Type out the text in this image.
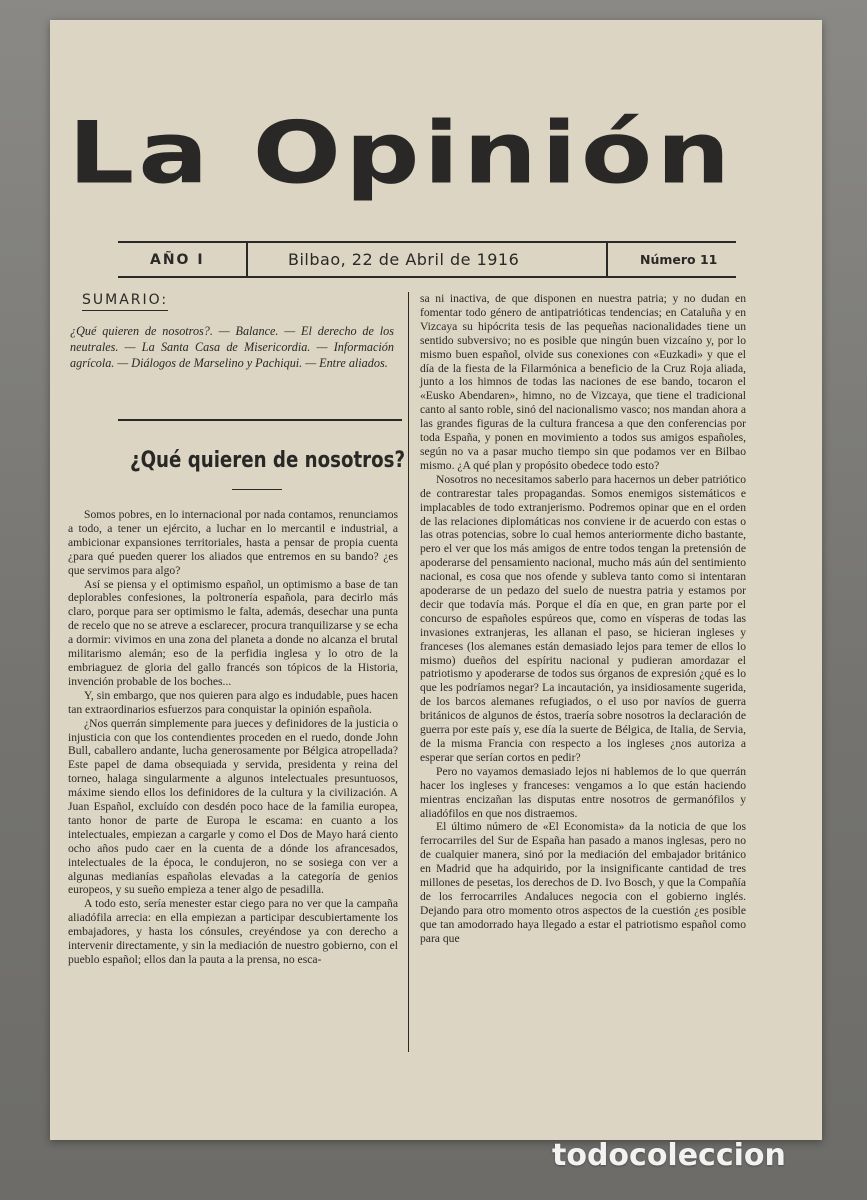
La Opinión
AÑO I	Bilbao, 22 de Abril de 1916	Número 11
SUMARIO:
¿Qué quieren de nosotros?. — Balance. — El derecho de los neutrales. — La Santa Casa de Misericordia. — Información agrícola. — Diálogos de Marselino y Pachiqui. — Entre aliados.
¿Qué quieren de nosotros?

Somos pobres, en lo internacional por nada contamos, renunciamos a todo, a tener un ejército, a luchar en lo mercantil e industrial, a ambicionar expansiones territoriales, hasta a pensar de propia cuenta ¿para qué pueden querer los aliados que entremos en su bando? ¿es que servimos para algo?

Así se piensa y el optimismo español, un optimismo a base de tan deplorables confesiones, la poltronería española, para decirlo más claro, porque para ser optimismo le falta, además, desechar una punta de recelo que no se atreve a esclarecer, procura tranquilizarse y se echa a dormir: vivimos en una zona del planeta a donde no alcanza el brutal militarismo alemán; eso de la perfidia inglesa y lo otro de la embriaguez de gloria del gallo francés son tópicos de la Historia, invención probable de los boches...

Y, sin embargo, que nos quieren para algo es indudable, pues hacen tan extraordinarios esfuerzos para conquistar la opinión española.

¿Nos querrán simplemente para jueces y definidores de la justicia o injusticia con que los contendientes proceden en el ruedo, donde John Bull, caballero andante, lucha generosamente por Bélgica atropellada? Este papel de dama obsequiada y servida, presidenta y reina del torneo, halaga singularmente a algunos intelectuales presuntuosos, máxime siendo ellos los definidores de la cultura y la civilización. A Juan Español, excluído con desdén poco hace de la familia europea, tanto honor de parte de Europa le escama: en cuanto a los intelectuales, empiezan a cargarle y como el Dos de Mayo hará ciento ocho años pudo caer en la cuenta de a dónde los afrancesados, intelectuales de la época, le condujeron, no se sosiega con ver a algunas medianías españolas elevadas a la categoría de genios europeos, y su sueño empieza a tener algo de pesadilla.

A todo esto, sería menester estar ciego para no ver que la campaña aliadófila arrecia: en ella empiezan a participar descubiertamente los embajadores, y hasta los cónsules, creyéndose ya con derecho a intervenir directamente, y sin la mediación de nuestro gobierno, con el pueblo español; ellos dan la pauta a la prensa, no esca-

sa ni inactiva, de que disponen en nuestra patria; y no dudan en fomentar todo género de antipatrióticas tendencias; en Cataluña y en Vizcaya su hipócrita tesis de las pequeñas nacionalidades tiene un sentido subversivo; no es posible que ningún buen vizcaíno y, por lo mismo buen español, olvide sus conexiones con «Euzkadi» y que el día de la fiesta de la Filarmónica a beneficio de la Cruz Roja aliada, junto a los himnos de todas las naciones de ese bando, tocaron el «Eusko Abendaren», himno, no de Vizcaya, que tiene el tradicional canto al santo roble, sinó del nacionalismo vasco; nos mandan ahora a las grandes figuras de la cultura francesa a que den conferencias por toda España, y ponen en movimiento a todos sus amigos españoles, según no va a pasar mucho tiempo sin que podamos ver en Bilbao mismo. ¿A qué plan y propósito obedece todo esto?

Nosotros no necesitamos saberlo para hacernos un deber patriótico de contrarestar tales propagandas. Somos enemigos sistemáticos e implacables de todo extranjerismo. Podremos opinar que en el orden de las relaciones diplomáticas nos conviene ir de acuerdo con estas o las otras potencias, sobre lo cual hemos anteriormente dicho bastante, pero el ver que los más amigos de entre todos tengan la pretensión de apoderarse del pensamiento nacional, mucho más aún del sentimiento nacional, es cosa que nos ofende y subleva tanto como si intentaran apoderarse de un pedazo del suelo de nuestra patria y estamos por decir que todavía más. Porque el día en que, en gran parte por el concurso de españoles espúreos que, como en vísperas de todas las invasiones extranjeras, les allanan el paso, se hicieran ingleses y franceses (los alemanes están demasiado lejos para temer de ellos lo mismo) dueños del espíritu nacional y pudieran amordazar el patriotismo y apoderarse de todos sus órganos de expresión ¿qué es lo que les podríamos negar? La incautación, ya insidiosamente sugerida, de los barcos alemanes refugiados, o el uso por navíos de guerra británicos de algunos de éstos, traería sobre nosotros la declaración de guerra por este país y, ese día la suerte de Bélgica, de Italia, de Servia, de la misma Francia con respecto a los ingleses ¿nos autoriza a esperar que serían cortos en pedir?

Pero no vayamos demasiado lejos ni hablemos de lo que querrán hacer los ingleses y franceses: vengamos a lo que están haciendo mientras encizañan las disputas entre nosotros de germanófilos y aliadófilos en que nos distraemos.

El último número de «El Economista» da la noticia de que los ferrocarriles del Sur de España han pasado a manos inglesas, pero no de cualquier manera, sinó por la mediación del embajador británico en Madrid que ha adquirido, por la insignificante cantidad de tres millones de pesetas, los derechos de D. Ivo Bosch, y que la Compañía de los ferrocarriles Andaluces negocia con el gobierno inglés. Dejando para otro momento otros aspectos de la cuestión ¿es posible que tan amodorrado haya llegado a estar el patriotismo español como para que

todocoleccion
